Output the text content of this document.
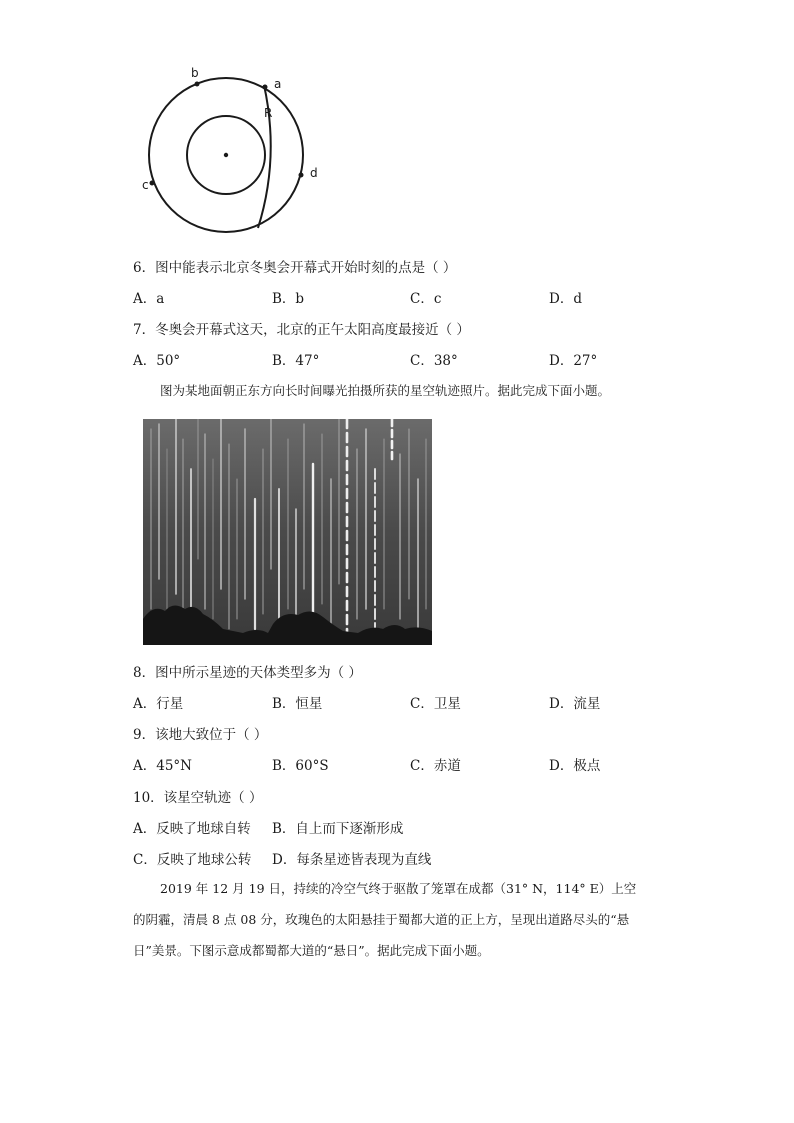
b
a
R
c
d
6．图中能表示北京冬奥会开幕式开始时刻的点是（ ）
A．a	B．b	C．c	D．d
7．冬奥会开幕式这天，北京的正午太阳高度最接近（ ）
A．50°	B．47°	C．38°	D．27°
图为某地面朝正东方向长时间曝光拍摄所获的星空轨迹照片。据此完成下面小题。
8．图中所示星迹的天体类型多为（ ）
A．行星	B．恒星	C．卫星	D．流星
9．该地大致位于（ ）
A．45°N	B．60°S	C．赤道	D．极点
10．该星空轨迹（ ）
A．反映了地球自转 B．自上而下逐渐形成
C．反映了地球公转 D．每条星迹皆表现为直线
2019 年 12 月 19 日，持续的冷空气终于驱散了笼罩在成都（31° N，114° E）上空
的阴霾，清晨 8 点 08 分，玫瑰色的太阳悬挂于蜀都大道的正上方，呈现出道路尽头的“悬
日”美景。下图示意成都蜀都大道的“悬日”。据此完成下面小题。
